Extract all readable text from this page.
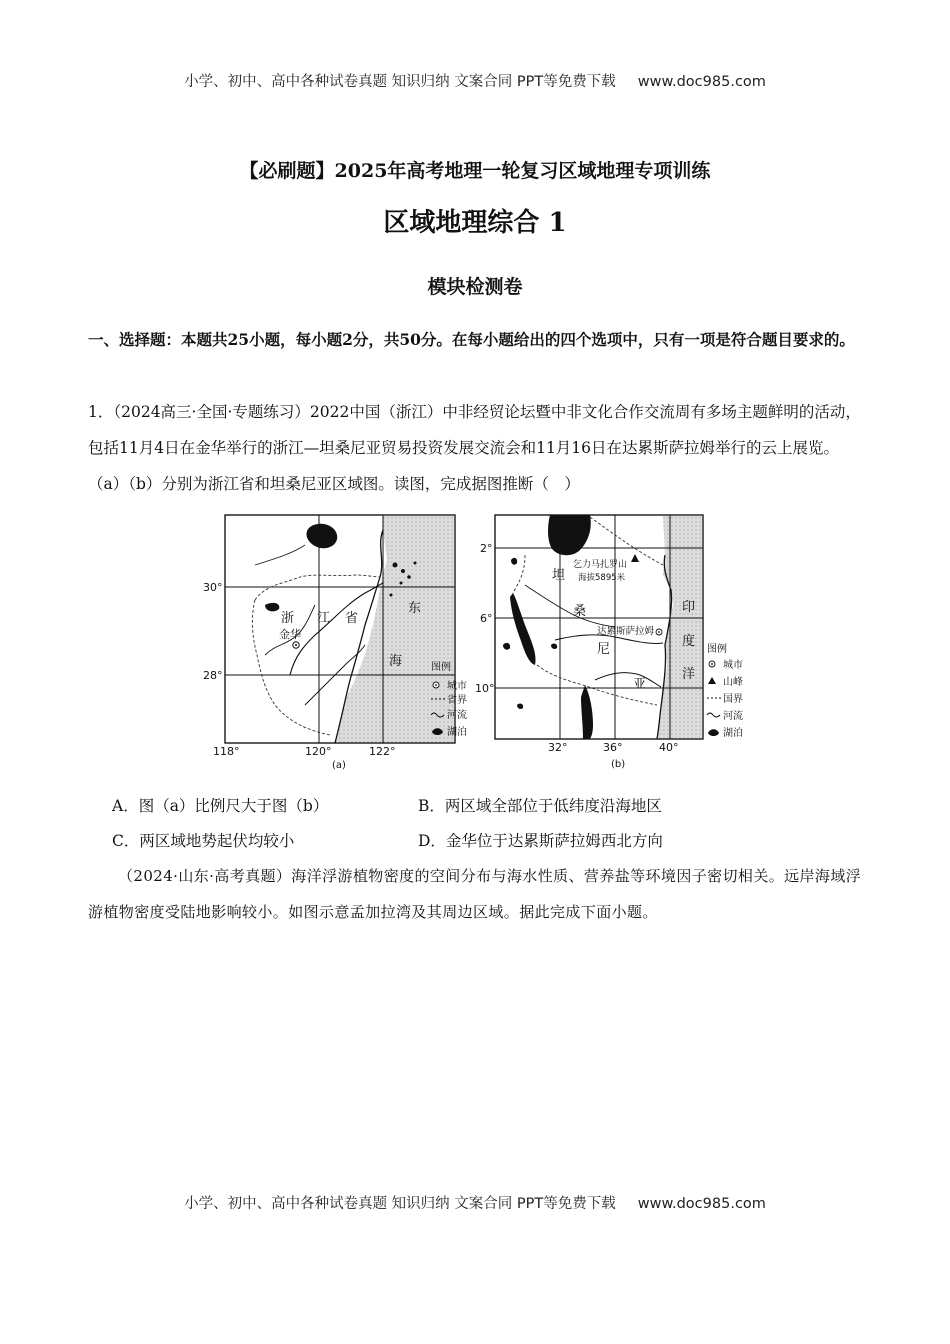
小学、初中、高中各种试卷真题 知识归纳 文案合同 PPT等免费下载 www.doc985.com
【必刷题】2025年高考地理一轮复习区域地理专项训练
区域地理综合 1
模块检测卷

一、选择题：本题共25小题，每小题2分，共50分。在每小题给出的四个选项中，只有一项是符合题目要求的。

1．（2024高三·全国·专题练习）2022中国（浙江）中非经贸论坛暨中非文化合作交流周有多场主题鲜明的活动，包括11月4日在金华举行的浙江—坦桑尼亚贸易投资发展交流会和11月16日在达累斯萨拉姆举行的云上展览。（a）（b）分别为浙江省和坦桑尼亚区域图。读图，完成据图推断（　）

金华
浙 江 省
东
海
30°
28°
118°	120°	122°
(a)
图例
城市
省界
河流
湖泊
乞力马扎罗山
海拔5895米
达累斯萨拉姆
坦
桑
尼
亚
印
度
洋
2°
6°
10°
32°	36°	40°
(b)
图例
城市
山峰
国界
河流
湖泊
A．图（a）比例尺大于图（b）	B．两区域全部位于低纬度沿海地区
C．两区域地势起伏均较小	D．金华位于达累斯萨拉姆西北方向

（2024·山东·高考真题）海洋浮游植物密度的空间分布与海水性质、营养盐等环境因子密切相关。远岸海域浮游植物密度受陆地影响较小。如图示意孟加拉湾及其周边区域。据此完成下面小题。

小学、初中、高中各种试卷真题 知识归纳 文案合同 PPT等免费下载 www.doc985.com
